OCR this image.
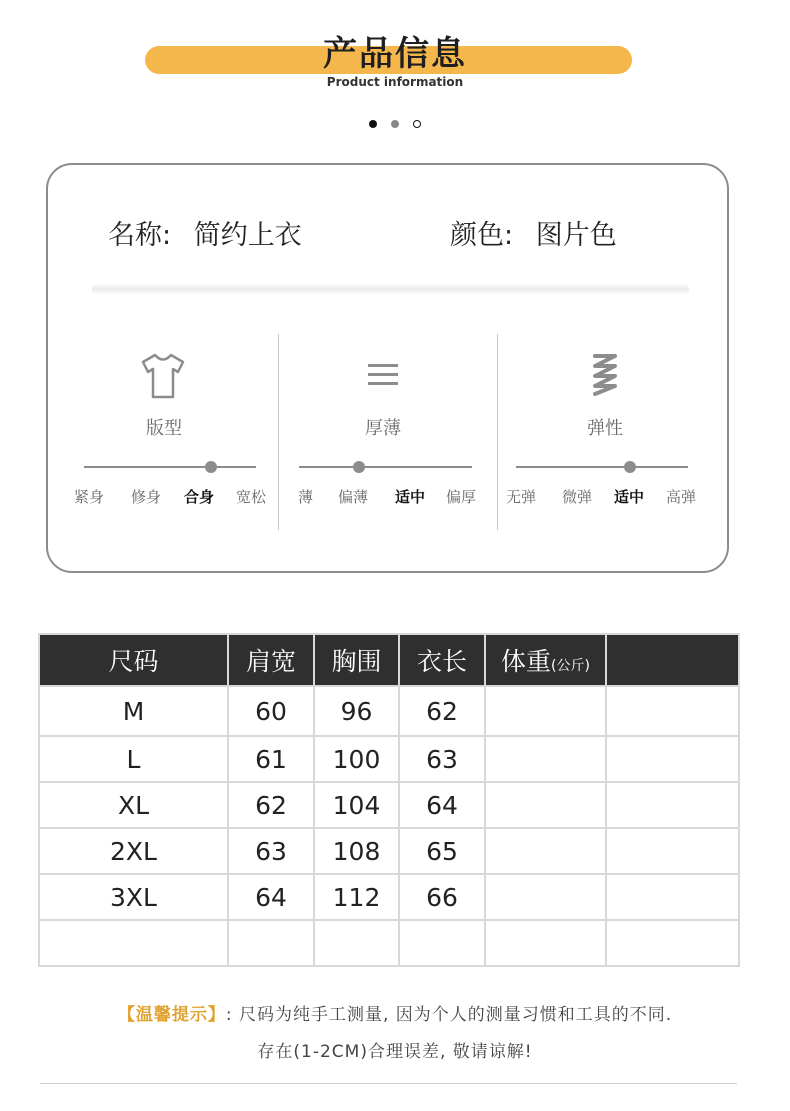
产品信息
Product information
名称: 简约上衣	颜色: 图片色
版型
紧身 修身 合身 宽松
厚薄
薄 偏薄 适中 偏厚
弹性
无弹 微弹 适中 高弹
尺码	肩宽	胸围	衣长	体重(公斤)	
M	60	96	62		
L	61	100	63		
XL	62	104	64		
2XL	63	108	65		
3XL	64	112	66		

【温馨提示】: 尺码为纯手工测量, 因为个人的测量习惯和工具的不同.
存在(1-2CM)合理误差, 敬请谅解!
